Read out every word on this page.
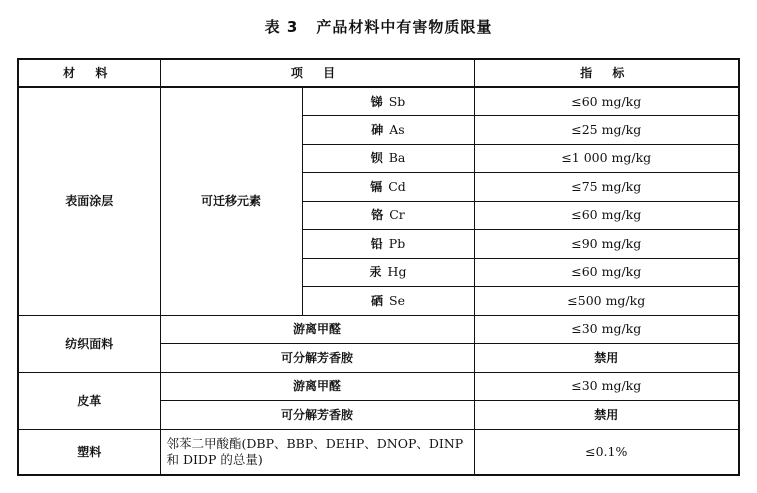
表 3 产品材料中有害物质限量
材 料	项 目		指 标
表面涂层	可迁移元素	锑 Sb	≤60 mg/kg
		砷 As	≤25 mg/kg
		钡 Ba	≤1 000 mg/kg
		镉 Cd	≤75 mg/kg
		铬 Cr	≤60 mg/kg
		铅 Pb	≤90 mg/kg
		汞 Hg	≤60 mg/kg
		硒 Se	≤500 mg/kg
纺织面料	游离甲醛		≤30 mg/kg
	可分解芳香胺		禁用
皮革	游离甲醛		≤30 mg/kg
	可分解芳香胺		禁用
塑料	邻苯二甲酸酯(DBP、BBP、DEHP、DNOP、DINP
和 DIDP 的总量)		≤0.1%
